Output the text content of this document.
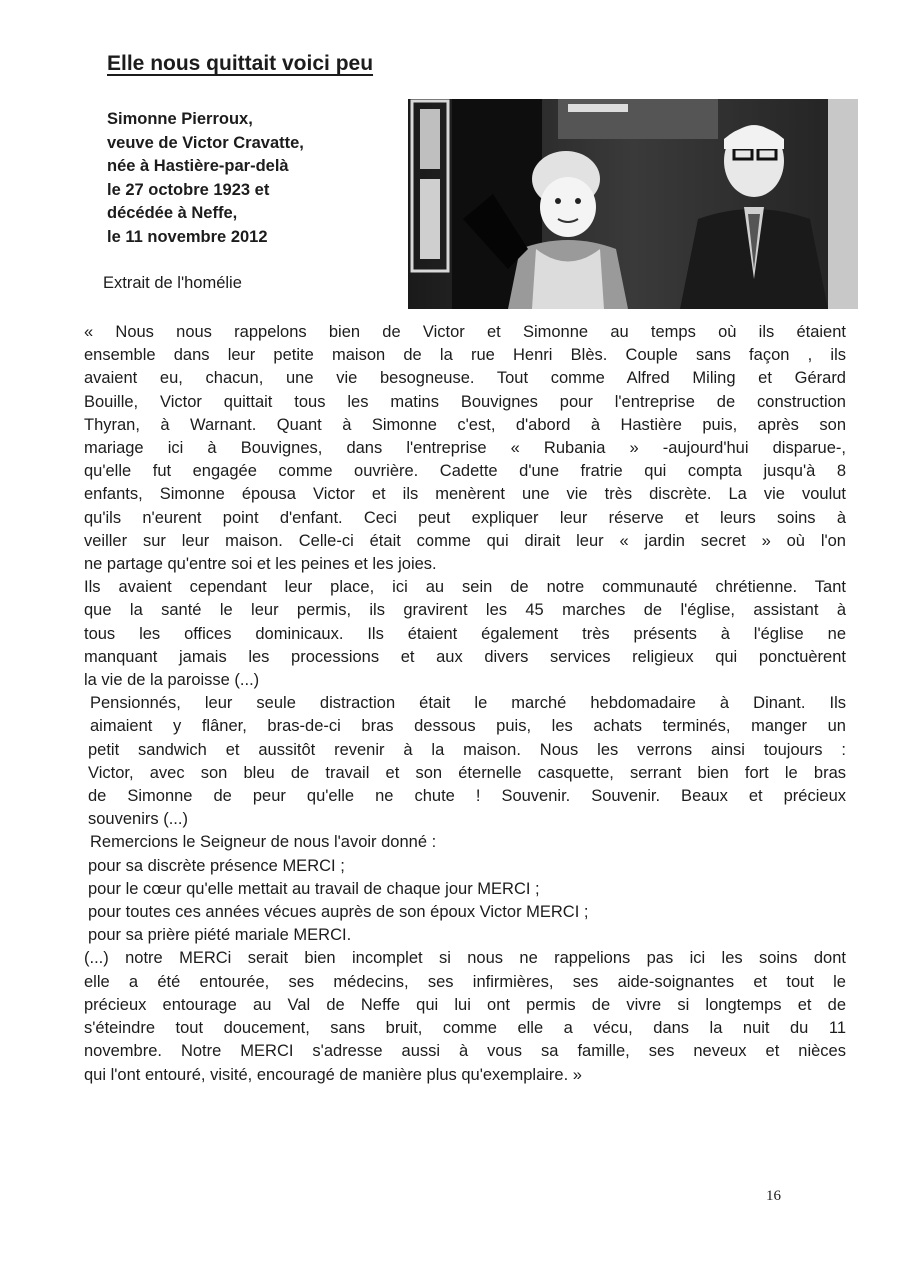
Elle nous quittait voici peu
Simonne Pierroux,
veuve de Victor Cravatte,
née à Hastière-par-delà
le 27 octobre 1923 et
décédée à Neffe,
le 11 novembre 2012

Extrait de l'homélie

« Nous nous rappelons bien de Victor et Simonne au temps où ils étaient

ensemble dans leur petite maison de la rue Henri Blès. Couple sans façon , ils

avaient eu, chacun, une vie besogneuse. Tout comme Alfred Miling et Gérard

Bouille, Victor quittait tous les matins Bouvignes pour l'entreprise de construction

Thyran, à Warnant. Quant à Simonne c'est, d'abord à Hastière puis, après son

mariage ici à Bouvignes, dans l'entreprise « Rubania » -aujourd'hui disparue-,

qu'elle fut engagée comme ouvrière. Cadette d'une fratrie qui compta jusqu'à 8

enfants, Simonne épousa Victor et ils menèrent une vie très discrète. La vie voulut

qu'ils n'eurent point d'enfant. Ceci peut expliquer leur réserve et leurs soins à

veiller sur leur maison. Celle-ci était comme qui dirait leur « jardin secret » où l'on

ne partage qu'entre soi et les peines et les joies.

Ils avaient cependant leur place, ici au sein de notre communauté chrétienne. Tant

que la santé le leur permis, ils gravirent les 45 marches de l'église, assistant à

tous les offices dominicaux. Ils étaient également très présents à l'église ne

manquant jamais les processions et aux divers services religieux qui ponctuèrent

la vie de la paroisse (...)

Pensionnés, leur seule distraction était le marché hebdomadaire à Dinant. Ils

aimaient y flâner, bras-de-ci bras dessous puis, les achats terminés, manger un

petit sandwich et aussitôt revenir à la maison. Nous les verrons ainsi toujours :

Victor, avec son bleu de travail et son éternelle casquette, serrant bien fort le bras

de Simonne de peur qu'elle ne chute ! Souvenir. Souvenir. Beaux et précieux

souvenirs (...)

Remercions le Seigneur de nous l'avoir donné :

pour sa discrète présence MERCI ;

pour le cœur qu'elle mettait au travail de chaque jour MERCI ;

pour toutes ces années vécues auprès de son époux Victor MERCI ;

pour sa prière piété mariale MERCI.

(...) notre MERCi serait bien incomplet si nous ne rappelions pas ici les soins dont

elle a été entourée, ses médecins, ses infirmières, ses aide-soignantes et tout le

précieux entourage au Val de Neffe qui lui ont permis de vivre si longtemps et de

s'éteindre tout doucement, sans bruit, comme elle a vécu, dans la nuit du 11

novembre. Notre MERCI s'adresse aussi à vous sa famille, ses neveux et nièces

qui l'ont entouré, visité, encouragé de manière plus qu'exemplaire. »

16
